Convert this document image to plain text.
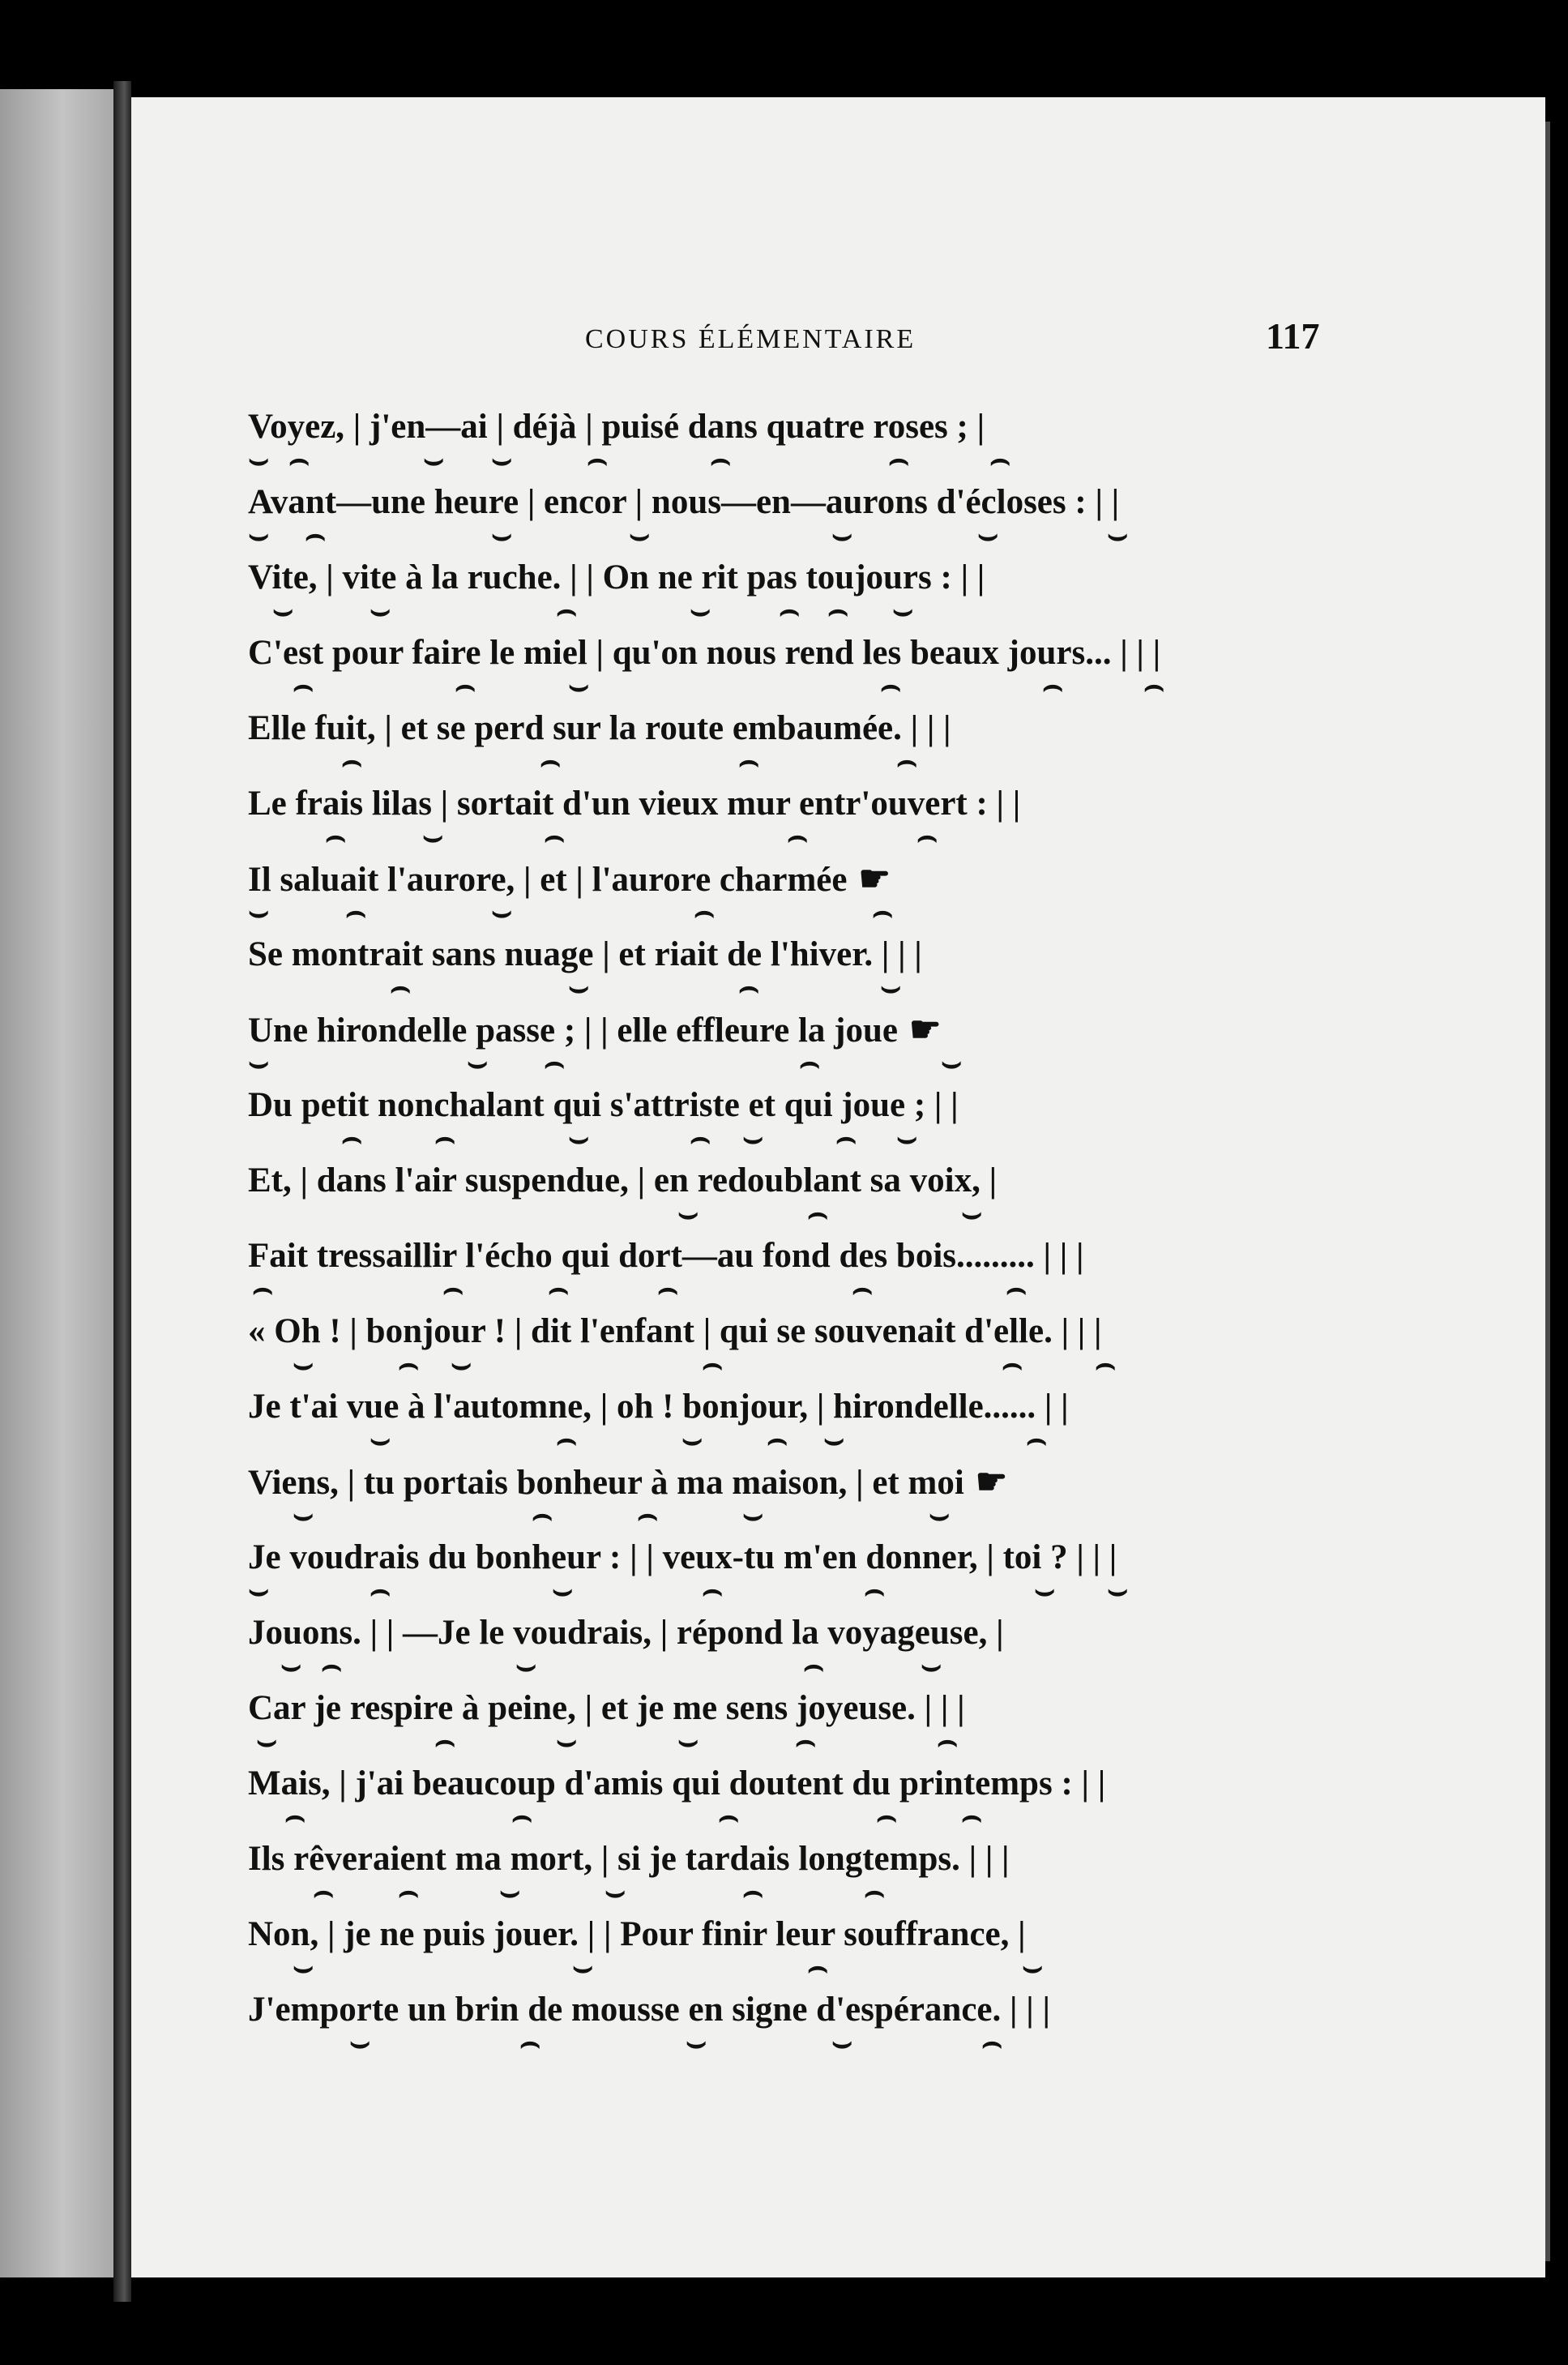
COURS ÉLÉMENTAIRE	117
Voyez, | j'en—ai | déjà | puisé dans quatre roses ; |
⌣ ⌢	⌣ ⌣ ⌢	⌢	⌢ ⌢
Avant—une heure | encor | nous—en—aurons d'écloses : | |
⌣ ⌢	⌣	⌣	⌣	⌣	⌣
Vite, | vite à la ruche. | | On ne rit pas toujours : | |
⌣ ⌣	⌢	⌣ ⌢ ⌢ ⌣
C'est pour faire le miel | qu'on nous rend les beaux jours... | | |
⌢	⌢	⌣	⌢	⌢ ⌢
Elle fuit, | et se perd sur la route embaumée. | | |
⌢	⌢	⌢	⌢
Le frais lilas | sortait d'un vieux mur entr'ouvert : | |
⌢ ⌣	⌢	⌢	⌢
Il saluait l'aurore, | et | l'aurore charmée ☛
⌣ ⌢	⌣	⌢	⌢
Se montrait sans nuage | et riait de l'hiver. | | |
⌢	⌣	⌢	⌣
Une hirondelle passe ; | | elle effleure la joue ☛
⌣	⌣ ⌢	⌢	⌣
Du petit nonchalant qui s'attriste et qui joue ; | |
⌢ ⌢	⌣	⌢ ⌣ ⌢ ⌣
Et, | dans l'air suspendue, | en redoublant sa voix, |
⌣	⌢	⌣
Fait tressaillir l'écho qui dort—au fond des bois......... | | |
⌢	⌢	⌢	⌢	⌢	⌢
« Oh ! | bonjour ! | dit l'enfant | qui se souvenait d'elle. | | |
⌣	⌢ ⌣	⌢	⌢ ⌢
Je t'ai vue à l'automne, | oh ! bonjour, | hirondelle...... | |
⌣	⌢	⌣ ⌢ ⌣	⌢
Viens, | tu portais bonheur à ma maison, | et moi ☛
⌣	⌢	⌢	⌣	⌣
Je voudrais du bonheur : | | veux-tu m'en donner, | toi ? | | |
⌣	⌢	⌣	⌢	⌢	⌣ ⌣
Jouons. | | —Je le voudrais, | répond la voyageuse, |
⌣ ⌢	⌣	⌢	⌣
Car je respire à peine, | et je me sens joyeuse. | | |
⌣	⌢	⌣	⌣	⌢	⌢
Mais, | j'ai beaucoup d'amis qui doutent du printemps : | |
⌢	⌢	⌢	⌢ ⌢
Ils rêveraient ma mort, | si je tardais longtemps. | | |
⌢ ⌢ ⌣	⌣	⌢	⌢
Non, | je ne puis jouer. | | Pour finir leur souffrance, |
⌣	⌣	⌢	⌣
J'emporte un brin de mousse en signe d'espérance. | | |
⌣	⌢	⌣	⌣	⌢
